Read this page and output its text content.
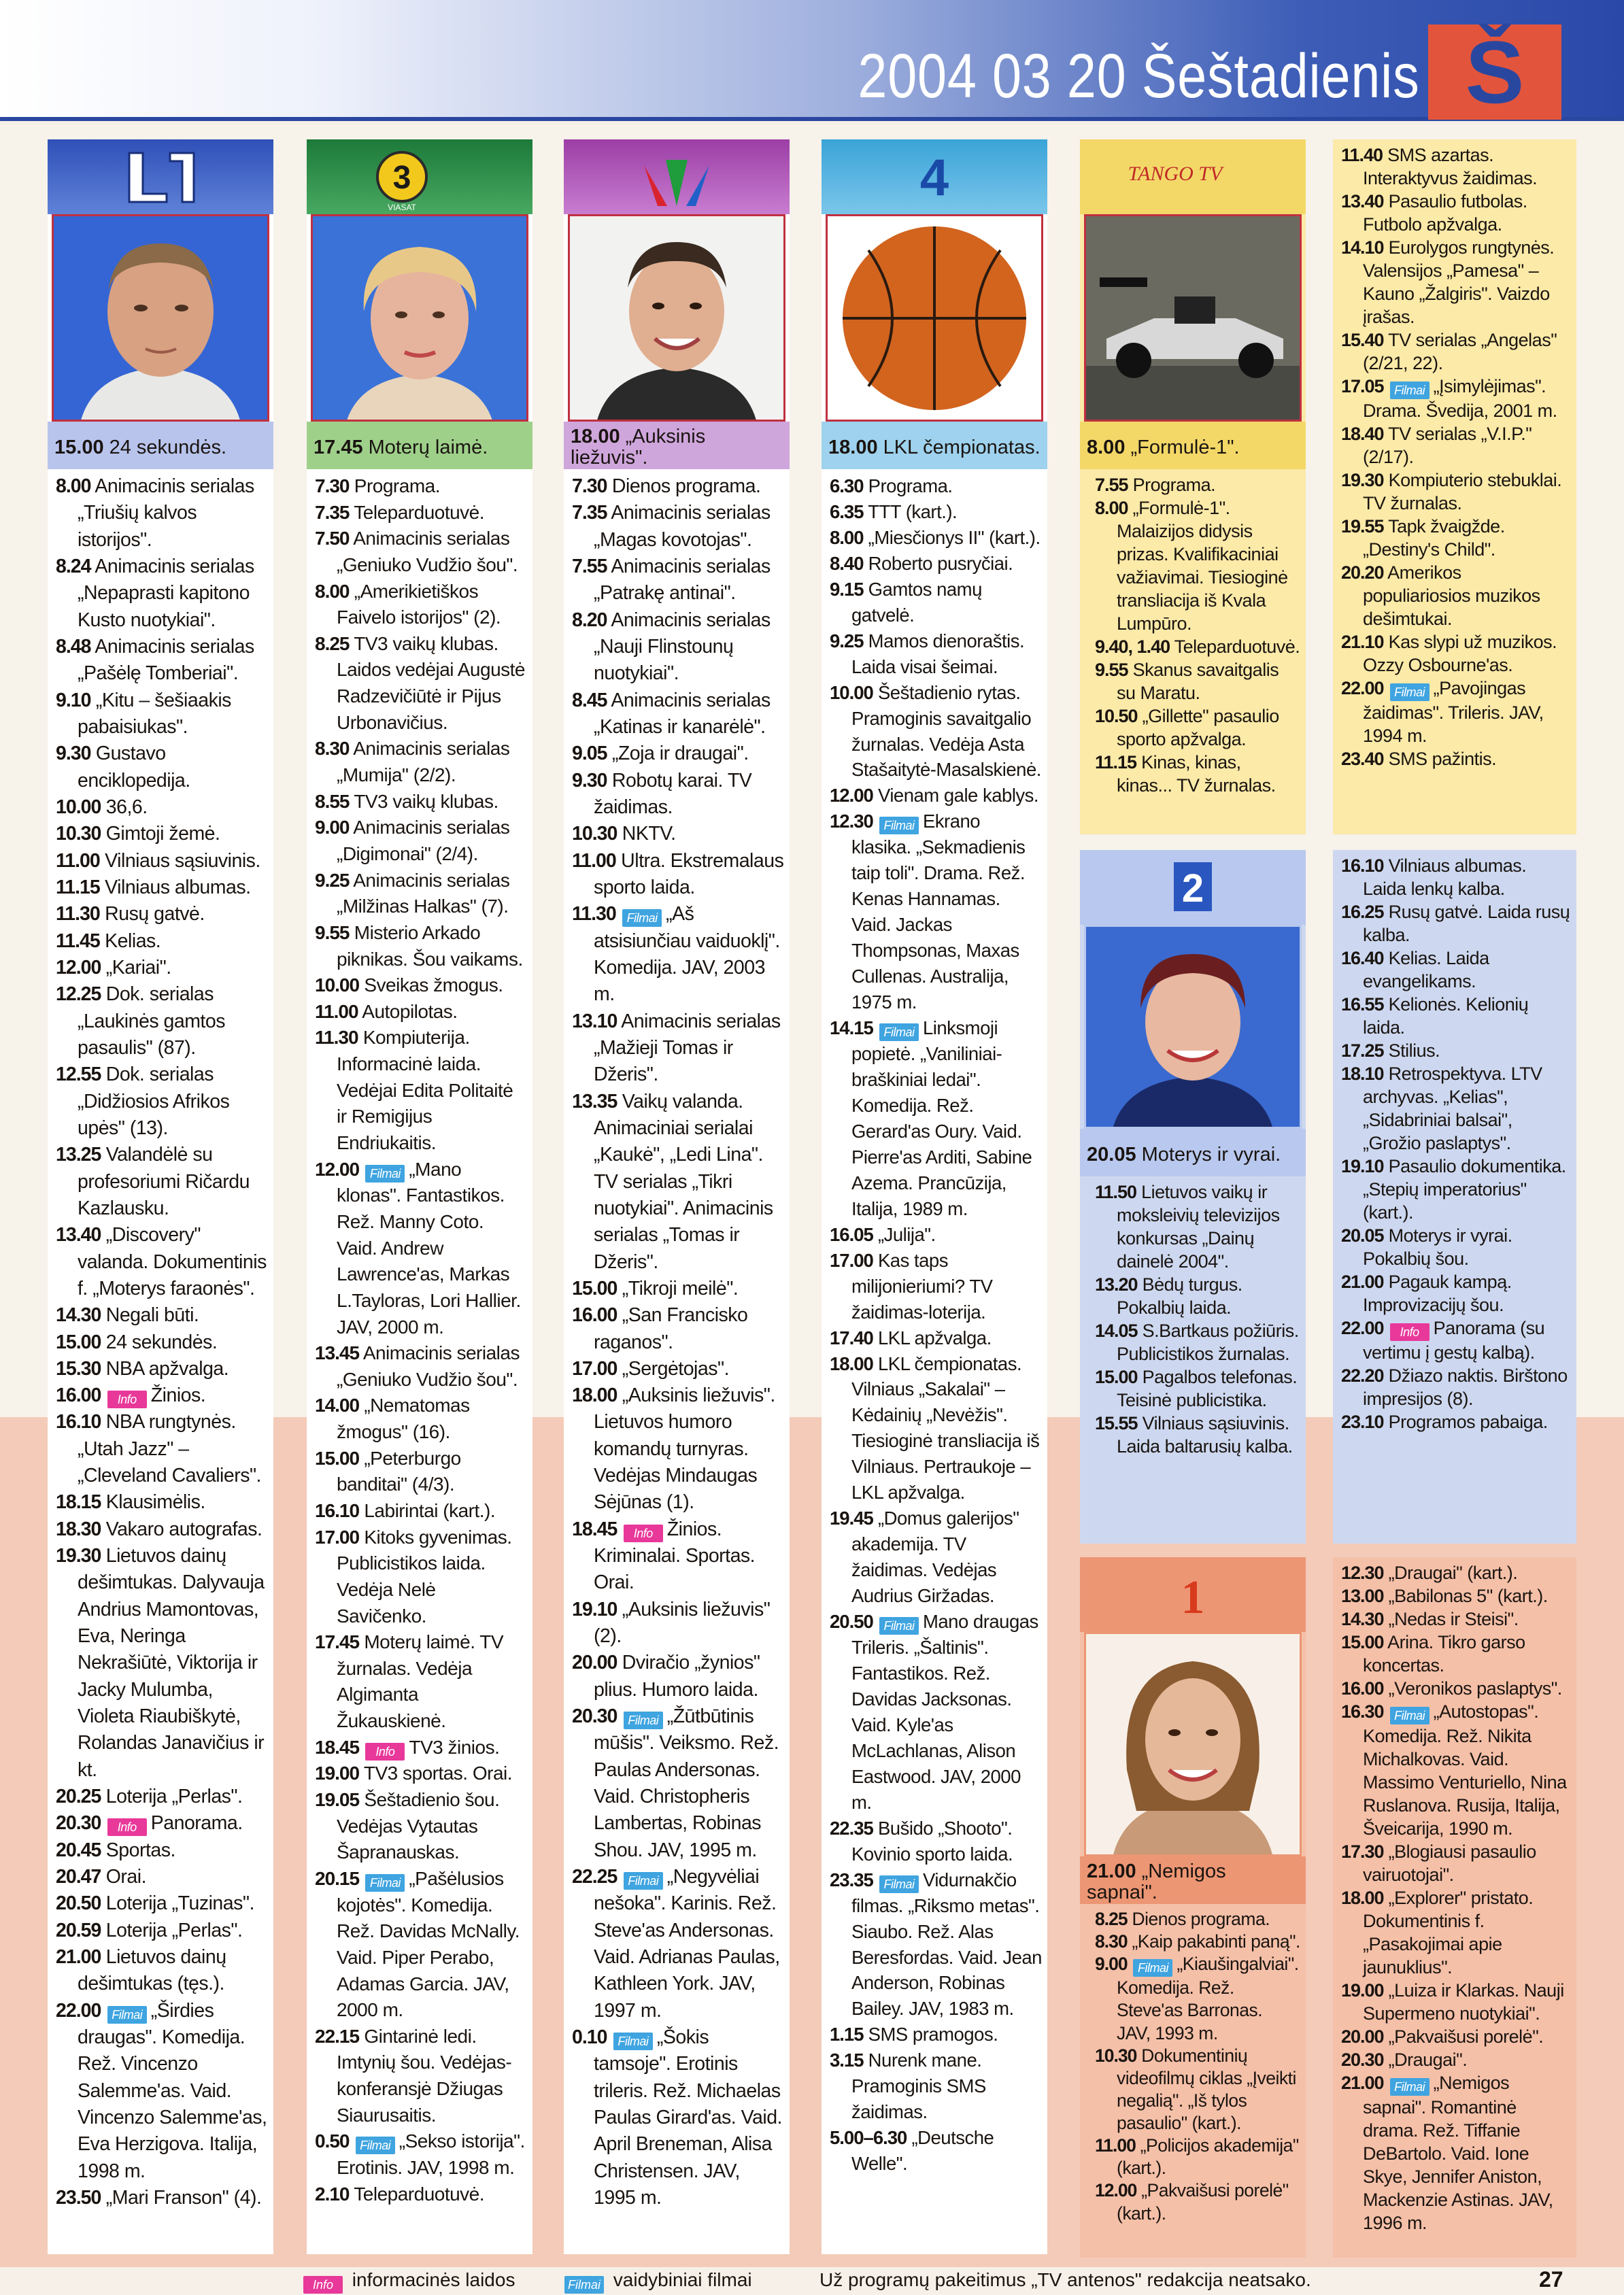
2004 03 20 Šeštadienis Š
15.00 24 sekundės.
8.00 Animacinis serialas „Triušių kalvos istorijos".
8.24 Animacinis serialas „Nepaprasti kapitono Kusto nuotykiai".
8.48 Animacinis serialas „Pašėlę Tomberiai".
9.10 „Kitu – šešiaakis pabaisiukas".
9.30 Gustavo enciklopedija.
10.00 36,6.
10.30 Gimtoji žemė.
11.00 Vilniaus sąsiuvinis.
11.15 Vilniaus albumas.
11.30 Rusų gatvė.
11.45 Kelias.
12.00 „Kariai".
12.25 Dok. serialas „Laukinės gamtos pasaulis" (87).
12.55 Dok. serialas „Didžiosios Afrikos upės" (13).
13.25 Valandėlė su profesoriumi Ričardu Kazlausku.
13.40 „Discovery" valanda. Dokumentinis f. „Moterys faraonės".
14.30 Negali būti.
15.00 24 sekundės.
15.30 NBA apžvalga.
16.00 Info Žinios.
16.10 NBA rungtynės. „Utah Jazz" – „Cleveland Cavaliers".
18.15 Klausimėlis.
18.30 Vakaro autografas.
19.30 Lietuvos dainų dešimtukas. Dalyvauja Andrius Mamontovas, Eva, Neringa Nekrašiūtė, Viktorija ir Jacky Mulumba, Violeta Riaubiškytė, Rolandas Janavičius ir kt.
20.25 Loterija „Perlas".
20.30 Info Panorama.
20.45 Sportas.
20.47 Orai.
20.50 Loterija „Tuzinas".
20.59 Loterija „Perlas".
21.00 Lietuvos dainų dešimtukas (tęs.).
22.00 Filmai „Širdies draugas". Komedija. Rež. Vincenzo Salemme'as. Vaid. Vincenzo Salemme'as, Eva Herzigova. Italija, 1998 m.
23.50 „Mari Franson" (4).
3
VIASAT
17.45 Moterų laimė.
7.30 Programa.
7.35 Teleparduotuvė.
7.50 Animacinis serialas „Geniuko Vudžio šou".
8.00 „Amerikietiškos Faivelo istorijos" (2).
8.25 TV3 vaikų klubas. Laidos vedėjai Augustė Radzevičiūtė ir Pijus Urbonavičius.
8.30 Animacinis serialas „Mumija" (2/2).
8.55 TV3 vaikų klubas.
9.00 Animacinis serialas „Digimonai" (2/4).
9.25 Animacinis serialas „Milžinas Halkas" (7).
9.55 Misterio Arkado piknikas. Šou vaikams.
10.00 Sveikas žmogus.
11.00 Autopilotas.
11.30 Kompiuterija. Informacinė laida. Vedėjai Edita Politaitė ir Remigijus Endriukaitis.
12.00 Filmai „Mano klonas". Fantastikos. Rež. Manny Coto. Vaid. Andrew Lawrence'as, Markas L.Tayloras, Lori Hallier. JAV, 2000 m.
13.45 Animacinis serialas „Geniuko Vudžio šou".
14.00 „Nematomas žmogus" (16).
15.00 „Peterburgo banditai" (4/3).
16.10 Labirintai (kart.).
17.00 Kitoks gyvenimas. Publicistikos laida. Vedėja Nelė Savičenko.
17.45 Moterų laimė. TV žurnalas. Vedėja Algimanta Žukauskienė.
18.45 Info TV3 žinios.
19.00 TV3 sportas. Orai.
19.05 Šeštadienio šou. Vedėjas Vytautas Šapranauskas.
20.15 Filmai „Pašėlusios kojotės". Komedija. Rež. Davidas McNally. Vaid. Piper Perabo, Adamas Garcia. JAV, 2000 m.
22.15 Gintarinė ledi. Imtynių šou. Vedėjas-konferansjė Džiugas Siaurusaitis.
0.50 Filmai „Sekso istorija". Erotinis. JAV, 1998 m.
2.10 Teleparduotuvė.
18.00 „Auksinis liežuvis".
7.30 Dienos programa.
7.35 Animacinis serialas „Magas kovotojas".
7.55 Animacinis serialas „Patrakę antinai".
8.20 Animacinis serialas „Nauji Flinstounų nuotykiai".
8.45 Animacinis serialas „Katinas ir kanarėlė".
9.05 „Zoja ir draugai".
9.30 Robotų karai. TV žaidimas.
10.30 NKTV.
11.00 Ultra. Ekstremalaus sporto laida.
11.30 Filmai „Aš atsisiunčiau vaiduoklį". Komedija. JAV, 2003 m.
13.10 Animacinis serialas „Mažieji Tomas ir Džeris".
13.35 Vaikų valanda. Animaciniai serialai „Kaukė", „Ledi Lina". TV serialas „Tikri nuotykiai". Animacinis serialas „Tomas ir Džeris".
15.00 „Tikroji meilė".
16.00 „San Francisko raganos".
17.00 „Sergėtojas".
18.00 „Auksinis liežuvis". Lietuvos humoro komandų turnyras. Vedėjas Mindaugas Sėjūnas (1).
18.45 Info Žinios. Kriminalai. Sportas. Orai.
19.10 „Auksinis liežuvis" (2).
20.00 Dviračio „žynios" plius. Humoro laida.
20.30 Filmai „Žūtbūtinis mūšis". Veiksmo. Rež. Paulas Andersonas. Vaid. Christopheris Lambertas, Robinas Shou. JAV, 1995 m.
22.25 Filmai „Negyvėliai nešoka". Karinis. Rež. Steve'as Andersonas. Vaid. Adrianas Paulas, Kathleen York. JAV, 1997 m.
0.10 Filmai „Šokis tamsoje". Erotinis trileris. Rež. Michaelas Paulas Girard'as. Vaid. April Breneman, Alisa Christensen. JAV, 1995 m.
4
18.00 LKL čempionatas.
6.30 Programa.
6.35 TTT (kart.).
8.00 „Miesčionys II" (kart.).
8.40 Roberto pusryčiai.
9.15 Gamtos namų gatvelė.
9.25 Mamos dienoraštis. Laida visai šeimai.
10.00 Šeštadienio rytas. Pramoginis savaitgalio žurnalas. Vedėja Asta Stašaitytė-Masalskienė.
12.00 Vienam gale kablys.
12.30 Filmai Ekrano klasika. „Sekmadienis taip toli". Drama. Rež. Kenas Hannamas. Vaid. Jackas Thompsonas, Maxas Cullenas. Australija, 1975 m.
14.15 Filmai Linksmoji popietė. „Vaniliniai-braškiniai ledai". Komedija. Rež. Gerard'as Oury. Vaid. Pierre'as Arditi, Sabine Azema. Prancūzija, Italija, 1989 m.
16.05 „Julija".
17.00 Kas taps milijonieriumi? TV žaidimas-loterija.
17.40 LKL apžvalga.
18.00 LKL čempionatas. Vilniaus „Sakalai" – Kėdainių „Nevėžis". Tiesioginė transliacija iš Vilniaus. Pertraukoje – LKL apžvalga.
19.45 „Domus galerijos" akademija. TV žaidimas. Vedėjas Audrius Giržadas.
20.50 Filmai Mano draugas Trileris. „Šaltinis". Fantastikos. Rež. Davidas Jacksonas. Vaid. Kyle'as McLachlanas, Alison Eastwood. JAV, 2000 m.
22.35 Bušido „Shooto". Kovinio sporto laida.
23.35 Filmai Vidurnakčio filmas. „Riksmo metas". Siaubo. Rež. Alas Beresfordas. Vaid. Jean Anderson, Robinas Bailey. JAV, 1983 m.
1.15 SMS pramogos.
3.15 Nurenk mane. Pramoginis SMS žaidimas.
5.00–6.30 „Deutsche Welle".
TANGO TV
8.00 „Formulė-1".
7.55 Programa.
8.00 „Formulė-1". Malaizijos didysis prizas. Kvalifikaciniai važiavimai. Tiesioginė transliacija iš Kvala Lumpūro.
9.40, 1.40 Teleparduotuvė.
9.55 Skanus savaitgalis su Maratu.
10.50 „Gillette" pasaulio sporto apžvalga.
11.15 Kinas, kinas, kinas... TV žurnalas.
11.40 SMS azartas. Interaktyvus žaidimas.
13.40 Pasaulio futbolas. Futbolo apžvalga.
14.10 Eurolygos rungtynės. Valensijos „Pamesa" – Kauno „Žalgiris". Vaizdo įrašas.
15.40 TV serialas „Angelas" (2/21, 22).
17.05 Filmai „Įsimylėjimas". Drama. Švedija, 2001 m.
18.40 TV serialas „V.I.P." (2/17).
19.30 Kompiuterio stebuklai. TV žurnalas.
19.55 Tapk žvaigžde. „Destiny's Child".
20.20 Amerikos populiariosios muzikos dešimtukai.
21.10 Kas slypi už muzikos. Ozzy Osbourne'as.
22.00 Filmai „Pavojingas žaidimas". Trileris. JAV, 1994 m.
23.40 SMS pažintis.
2
20.05 Moterys ir vyrai.
11.50 Lietuvos vaikų ir moksleivių televizijos konkursas „Dainų dainelė 2004".
13.20 Bėdų turgus. Pokalbių laida.
14.05 S.Bartkaus požiūris. Publicistikos žurnalas.
15.00 Pagalbos telefonas. Teisinė publicistika.
15.55 Vilniaus sąsiuvinis. Laida baltarusių kalba.
16.10 Vilniaus albumas. Laida lenkų kalba.
16.25 Rusų gatvė. Laida rusų kalba.
16.40 Kelias. Laida evangelikams.
16.55 Kelionės. Kelionių laida.
17.25 Stilius.
18.10 Retrospektyva. LTV archyvas. „Kelias", „Sidabriniai balsai", „Grožio paslaptys".
19.10 Pasaulio dokumentika. „Stepių imperatorius" (kart.).
20.05 Moterys ir vyrai. Pokalbių šou.
21.00 Pagauk kampą. Improvizacijų šou.
22.00 Info Panorama (su vertimu į gestų kalbą).
22.20 Džiazo naktis. Birštono impresijos (8).
23.10 Programos pabaiga.
1
21.00 „Nemigos sapnai".
8.25 Dienos programa.
8.30 „Kaip pakabinti paną".
9.00 Filmai „Kiaušingalviai". Komedija. Rež. Steve'as Barronas. JAV, 1993 m.
10.30 Dokumentinių videofilmų ciklas „Įveikti negalią". „Iš tylos pasaulio" (kart.).
11.00 „Policijos akademija" (kart.).
12.00 „Pakvaišusi porelė" (kart.).
12.30 „Draugai" (kart.).
13.00 „Babilonas 5" (kart.).
14.30 „Nedas ir Steisi".
15.00 Arina. Tikro garso koncertas.
16.00 „Veronikos paslaptys".
16.30 Filmai „Autostopas". Komedija. Rež. Nikita Michalkovas. Vaid. Massimo Venturiello, Nina Ruslanova. Rusija, Italija, Šveicarija, 1990 m.
17.30 „Blogiausi pasaulio vairuotojai".
18.00 „Explorer" pristato. Dokumentinis f. „Pasakojimai apie jaunuklius".
19.00 „Luiza ir Klarkas. Nauji Supermeno nuotykiai".
20.00 „Pakvaišusi porelė".
20.30 „Draugai".
21.00 Filmai „Nemigos sapnai". Romantinė drama. Rež. Tiffanie DeBartolo. Vaid. Ione Skye, Jennifer Aniston, Mackenzie Astinas. JAV, 1996 m.
Info informacinės laidos	Filmai vaidybiniai filmai	Už programų pakeitimus „TV antenos" redakcija neatsako.	27
